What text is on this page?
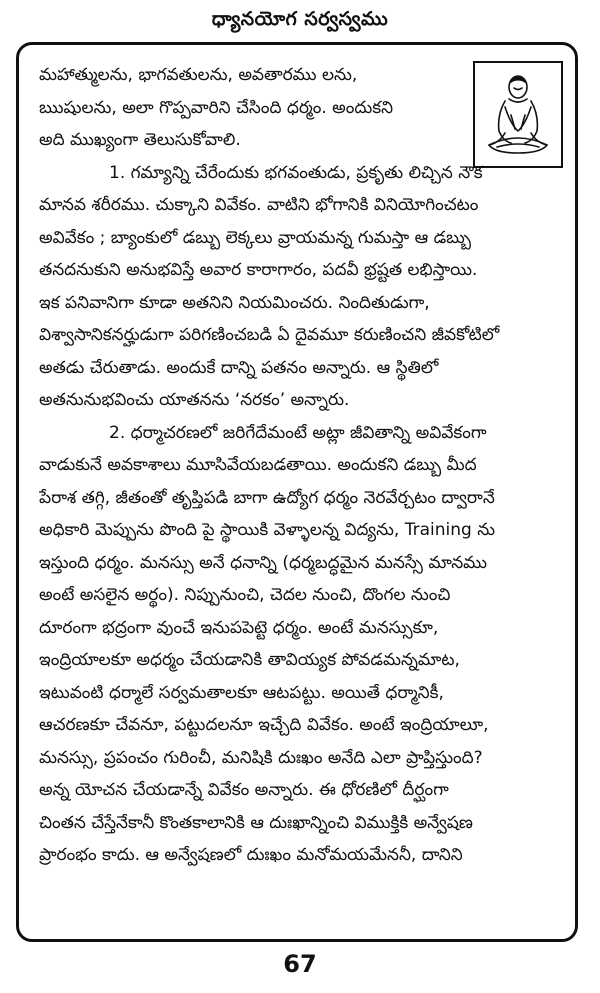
ధ్యానయోగ సర్వస్వము
మహాత్ములను, భాగవతులను, అవతారము లను,
ఋషులను, అలా గొప్పవారిని చేసింది ధర్మం. అందుకని
అది ముఖ్యంగా తెలుసుకోవాలి.
1. గమ్యాన్ని చేరేందుకు భగవంతుడు, ప్రకృతు లిచ్చిన నౌక
మానవ శరీరము. చుక్కాని వివేకం. వాటిని భోగానికి వినియోగించటం
అవివేకం ; బ్యాంకులో డబ్బు లెక్కలు వ్రాయమన్న గుమస్తా ఆ డబ్బు
తనదనుకుని అనుభవిస్తే అవార కారాగారం, పదవీ భ్రష్టత లభిస్తాయి.
ఇక పనివానిగా కూడా అతనిని నియమించరు. నిందితుడుగా,
విశ్వాసానికనర్హుడుగా పరిగణించబడి ఏ దైవమూ కరుణించని జీవకోటిలో
అతడు చేరుతాడు. అందుకే దాన్ని పతనం అన్నారు. ఆ స్థితిలో
అతనునుభవించు యాతనను ‘నరకం’ అన్నారు.
2. ధర్మాచరణలో జరిగేదేమంటే అట్లా జీవితాన్ని అవివేకంగా
వాడుకునే అవకాశాలు మూసివేయబడతాయి. అందుకని డబ్బు మీద
పేరాశ తగ్గి, జీతంతో తృప్తిపడి బాగా ఉద్యోగ ధర్మం నెరవేర్చటం ద్వారానే
అధికారి మెప్పును పొంది పై స్థాయికి వెళ్ళాలన్న విద్యను, Training ను
ఇస్తుంది ధర్మం. మనస్సు అనే ధనాన్ని (ధర్మబద్ధమైన మనస్సే మానము
అంటే అసలైన అర్థం). నిప్పునుంచి, చెదల నుంచి, దొంగల నుంచి
దూరంగా భద్రంగా వుంచే ఇనుపపెట్టె ధర్మం. అంటే మనస్సుకూ,
ఇంద్రియాలకూ అధర్మం చేయడానికి తావియ్యక పోవడమన్నమాట,
ఇటువంటి ధర్మాలే సర్వమతాలకూ ఆటపట్టు. అయితే ధర్మానికీ,
ఆచరణకూ చేవనూ, పట్టుదలనూ ఇచ్చేది వివేకం. అంటే ఇంద్రియాలూ,
మనస్సు, ప్రపంచం గురించీ, మనిషికి దుఃఖం అనేది ఎలా ప్రాప్తిస్తుంది?
అన్న యోచన చేయడాన్నే వివేకం అన్నారు. ఈ ధోరణిలో దీర్ఘంగా
చింతన చేస్తేనేకానీ కొంతకాలానికి ఆ దుఃఖాన్నించి విముక్తికి అన్వేషణ
ప్రారంభం కాదు. ఆ అన్వేషణలో దుఃఖం మనోమయమేననీ, దానిని
67
